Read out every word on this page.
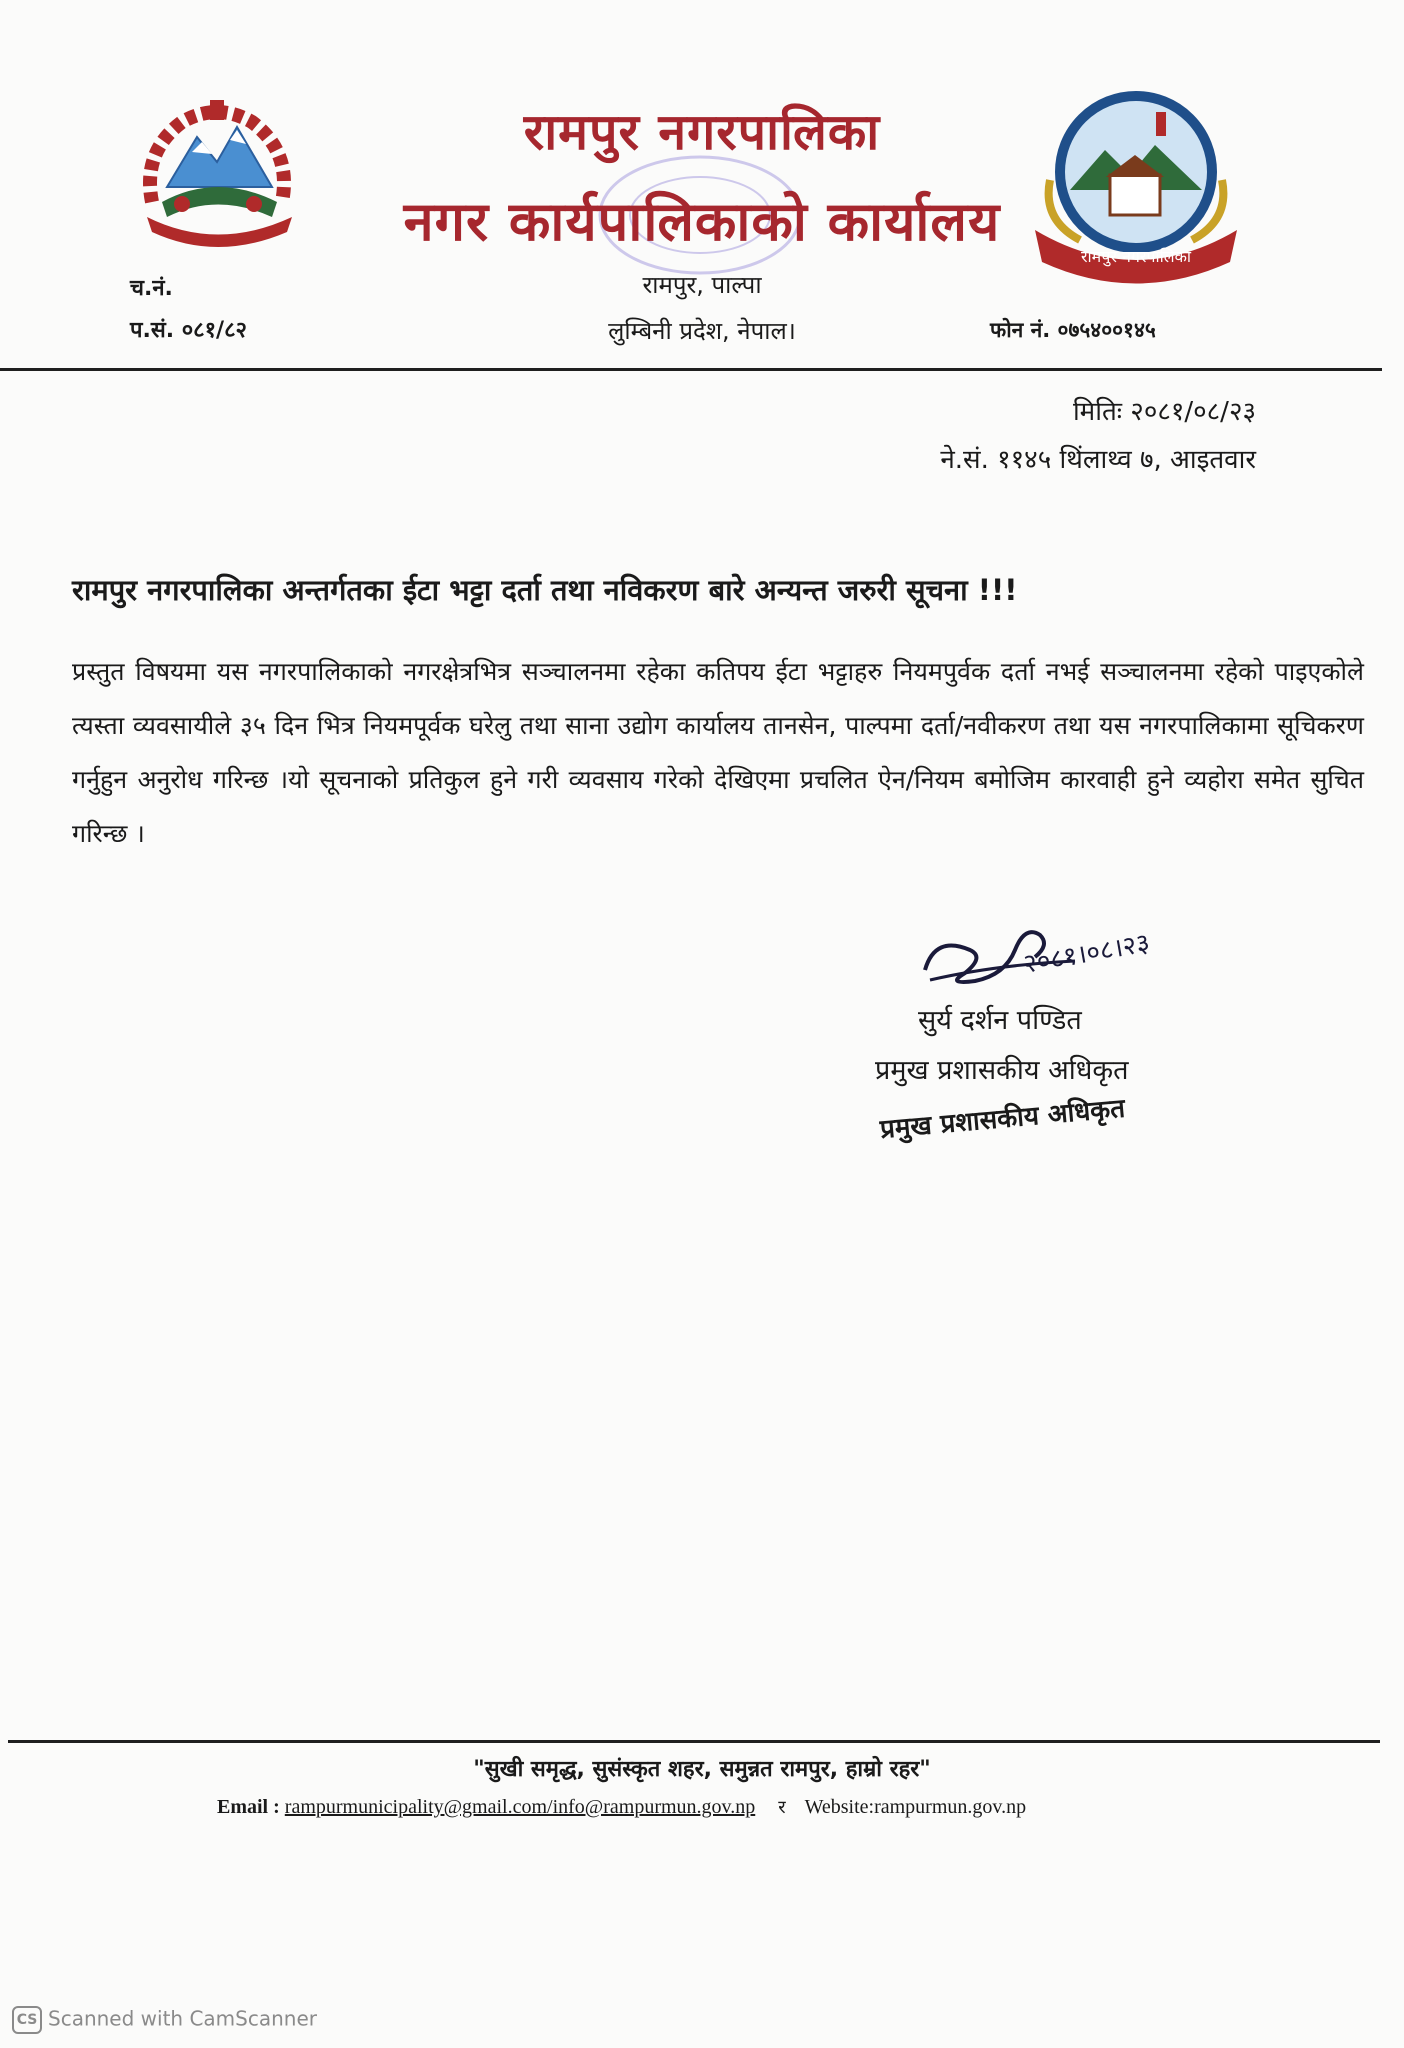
रामपुर नगरपालिका
रामपुर नगरपालिका
नगर कार्यपालिकाको कार्यालय
रामपुर, पाल्पा
लुम्बिनी प्रदेश, नेपाल।
च.नं.
प.सं. ०८१/८२	फोन नं. ०७५४००१४५
मितिः २०८१/०८/२३
ने.सं. ११४५ थिंलाथ्व ७, आइतवार
रामपुर नगरपालिका अन्तर्गतका ईटा भट्टा दर्ता तथा नविकरण बारे अन्यन्त जरुरी सूचना !!!
प्रस्तुत विषयमा यस नगरपालिकाको नगरक्षेत्रभित्र सञ्चालनमा रहेका कतिपय ईटा भट्टाहरु नियमपुर्वक दर्ता नभई सञ्चालनमा रहेको पाइएकोले त्यस्ता व्यवसायीले ३५ दिन भित्र नियमपूर्वक घरेलु तथा साना उद्योग कार्यालय तानसेन, पाल्पमा दर्ता/नवीकरण तथा यस नगरपालिकामा सूचिकरण गर्नुहुन अनुरोध गरिन्छ ।यो सूचनाको प्रतिकुल हुने गरी व्यवसाय गरेको देखिएमा प्रचलित ऐन/नियम बमोजिम कारवाही हुने व्यहोरा समेत सुचित गरिन्छ ।
२०८१।०८।२३
सुर्य दर्शन पण्डित
प्रमुख प्रशासकीय अधिकृत
प्रमुख प्रशासकीय अधिकृत
"सुखी समृद्ध, सुसंस्कृत शहर, समुन्नत रामपुर, हाम्रो रहर"
Email : rampurmunicipality@gmail.com/info@rampurmun.gov.np र Website:rampurmun.gov.np
CS Scanned with CamScanner
